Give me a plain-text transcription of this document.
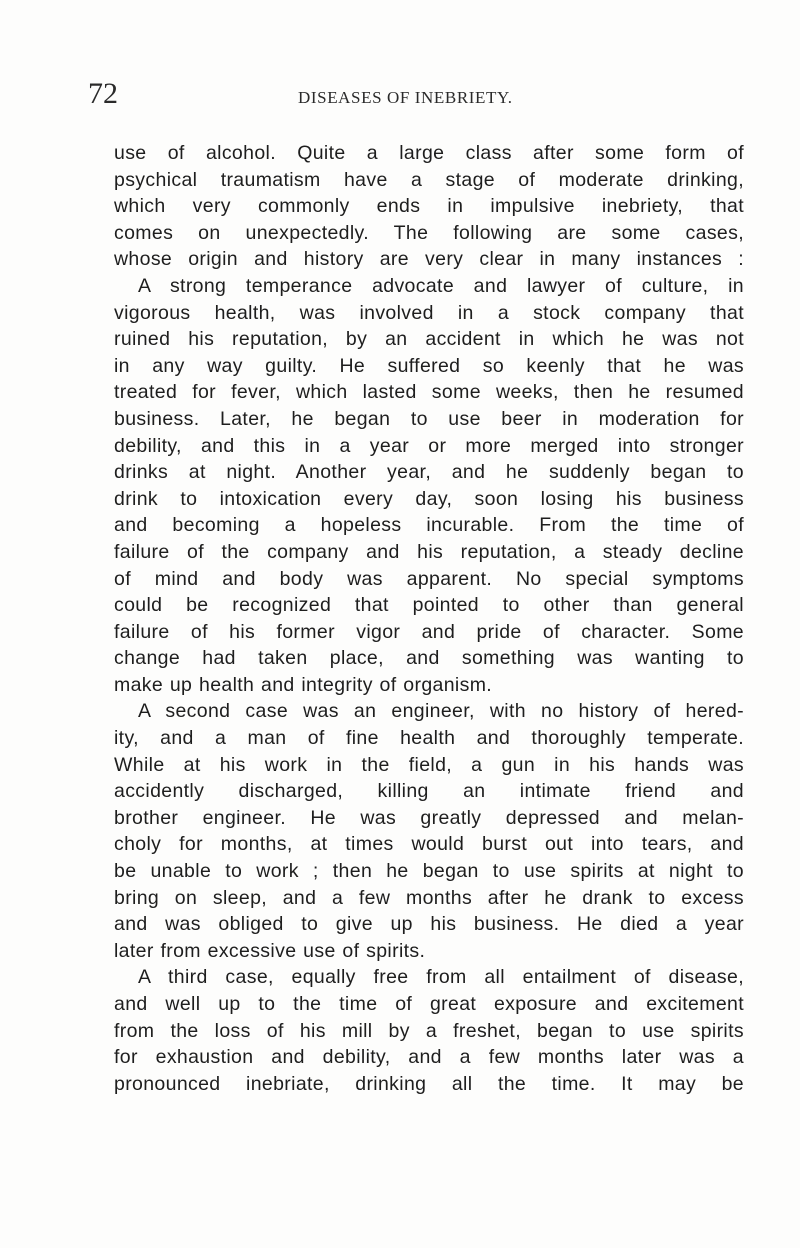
72	DISEASES OF INEBRIETY.
use of alcohol. Quite a large class after some form of
psychical traumatism have a stage of moderate drinking,
which very commonly ends in impulsive inebriety, that
comes on unexpectedly. The following are some cases,
whose origin and history are very clear in many instances :
A strong temperance advocate and lawyer of culture, in
vigorous health, was involved in a stock company that
ruined his reputation, by an accident in which he was not
in any way guilty. He suffered so keenly that he was
treated for fever, which lasted some weeks, then he resumed
business. Later, he began to use beer in moderation for
debility, and this in a year or more merged into stronger
drinks at night. Another year, and he suddenly began to
drink to intoxication every day, soon losing his business
and becoming a hopeless incurable. From the time of
failure of the company and his reputation, a steady decline
of mind and body was apparent. No special symptoms
could be recognized that pointed to other than general
failure of his former vigor and pride of character. Some
change had taken place, and something was wanting to
make up health and integrity of organism.
A second case was an engineer, with no history of hered-
ity, and a man of fine health and thoroughly temperate.
While at his work in the field, a gun in his hands was
accidently discharged, killing an intimate friend and
brother engineer. He was greatly depressed and melan-
choly for months, at times would burst out into tears, and
be unable to work ; then he began to use spirits at night to
bring on sleep, and a few months after he drank to excess
and was obliged to give up his business. He died a year
later from excessive use of spirits.
A third case, equally free from all entailment of disease,
and well up to the time of great exposure and excitement
from the loss of his mill by a freshet, began to use spirits
for exhaustion and debility, and a few months later was a
pronounced inebriate, drinking all the time. It may be
